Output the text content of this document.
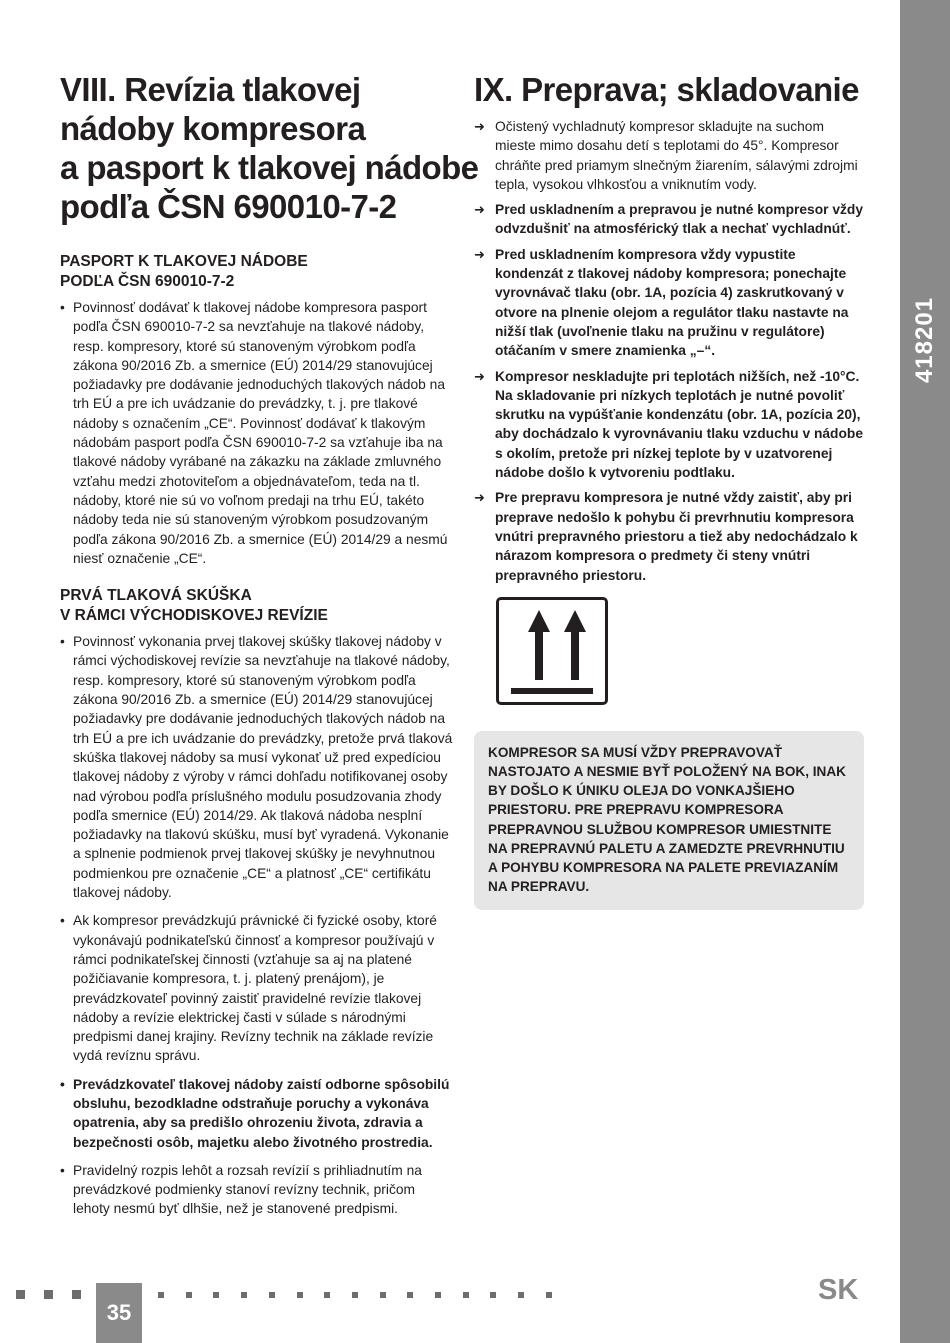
418201
VIII. Revízia tlakovej
nádoby kompresora
a pasport k tlakovej nádobe
podľa ČSN 690010-7-2
PASPORT K TLAKOVEJ NÁDOBE
PODĽA ČSN 690010-7-2
• Povinnosť dodávať k tlakovej nádobe kompresora pasport podľa ČSN 690010-7-2 sa nevzťahuje na tlakové nádoby, resp. kompresory, ktoré sú stanoveným výrobkom podľa zákona 90/2016 Zb. a smernice (EÚ) 2014/29 stanovujúcej požiadavky pre dodávanie jednoduchých tlakových nádob na trh EÚ a pre ich uvádzanie do prevádzky, t. j. pre tlakové nádoby s označením „CE“. Povinnosť dodávať k tlakovým nádobám pasport podľa ČSN 690010-7-2 sa vzťahuje iba na tlakové nádoby vyrábané na zákazku na základe zmluvného vzťahu medzi zhotoviteľom a objednávateľom, teda na tl. nádoby, ktoré nie sú vo voľnom predaji na trhu EÚ, takéto nádoby teda nie sú stanoveným výrobkom posudzovaným podľa zákona 90/2016 Zb. a smernice (EÚ) 2014/29 a nesmú niesť označenie „CE“.
PRVÁ TLAKOVÁ SKÚŠKA
V RÁMCI VÝCHODISKOVEJ REVÍZIE
• Povinnosť vykonania prvej tlakovej skúšky tlakovej nádoby v rámci východiskovej revízie sa nevzťahuje na tlakové nádoby, resp. kompresory, ktoré sú stanoveným výrobkom podľa zákona 90/2016 Zb. a smernice (EÚ) 2014/29 stanovujúcej požiadavky pre dodávanie jednoduchých tlakových nádob na trh EÚ a pre ich uvádzanie do prevádzky, pretože prvá tlaková skúška tlakovej nádoby sa musí vykonať už pred expedíciou tlakovej nádoby z výroby v rámci dohľadu notifikovanej osoby nad výrobou podľa príslušného modulu posudzovania zhody podľa smernice (EÚ) 2014/29. Ak tlaková nádoba nesplní požiadavky na tlakovú skúšku, musí byť vyradená. Vykonanie a splnenie podmienok prvej tlakovej skúšky je nevyhnutnou podmienkou pre označenie „CE“ a platnosť „CE“ certifikátu tlakovej nádoby.
• Ak kompresor prevádzkujú právnické či fyzické osoby, ktoré vykonávajú podnikateľskú činnosť a kompresor používajú v rámci podnikateľskej činnosti (vzťahuje sa aj na platené požičiavanie kompresora, t. j. platený prenájom), je prevádzkovateľ povinný zaistiť pravidelné revízie tlakovej nádoby a revízie elektrickej časti v súlade s národnými predpismi danej krajiny. Revízny technik na základe revízie vydá revíznu správu.
• Prevádzkovateľ tlakovej nádoby zaistí odborne spôsobilú obsluhu, bezodkladne odstraňuje poruchy a vykonáva opatrenia, aby sa predišlo ohrozeniu života, zdravia a bezpečnosti osôb, majetku alebo životného prostredia.
• Pravidelný rozpis lehôt a rozsah revízií s prihliadnutím na prevádzkové podmienky stanoví revízny technik, pričom lehoty nesmú byť dlhšie, než je stanovené predpismi.
IX. Preprava; skladovanie
➜ Očistený vychladnutý kompresor skladujte na suchom mieste mimo dosahu detí s teplotami do 45°. Kompresor chráňte pred priamym slnečným žiarením, sálavými zdrojmi tepla, vysokou vlhkosťou a vniknutím vody.
➜ Pred uskladnením a prepravou je nutné kompresor vždy odvzdušniť na atmosférický tlak a nechať vychladnúť.
➜ Pred uskladnením kompresora vždy vypustite kondenzát z tlakovej nádoby kompresora; ponechajte vyrovnávač tlaku (obr. 1A, pozícia 4) zaskrutkovaný v otvore na plnenie olejom a regulátor tlaku nastavte na nižší tlak (uvoľnenie tlaku na pružinu v regulátore) otáčaním v smere znamienka „–“.
➜ Kompresor neskladujte pri teplotách nižších, než -10°C. Na skladovanie pri nízkych teplotách je nutné povoliť skrutku na vypúšťanie kondenzátu (obr. 1A, pozícia 20), aby dochádzalo k vyrovnávaniu tlaku vzduchu v nádobe s okolím, pretože pri nízkej teplote by v uzatvorenej nádobe došlo k vytvoreniu podtlaku.
➜ Pre prepravu kompresora je nutné vždy zaistiť, aby pri preprave nedošlo k pohybu či prevrhnutiu kompresora vnútri prepravného priestoru a tiež aby nedochádzalo k nárazom kompresora o predmety či steny vnútri prepravného priestoru.
KOMPRESOR SA MUSÍ VŽDY PREPRAVOVAŤ NASTOJATO A NESMIE BYŤ POLOŽENÝ NA BOK, INAK BY DOŠLO K ÚNIKU OLEJA DO VONKAJŠIEHO PRIESTORU. PRE PREPRAVU KOMPRESORA PREPRAVNOU SLUŽBOU KOMPRESOR UMIESTNITE NA PREPRAVNÚ PALETU A ZAMEDZTE PREVRHNUTIU A POHYBU KOMPRESORA NA PALETE PREVIAZANÍM NA PREPRAVU.
35
SK
